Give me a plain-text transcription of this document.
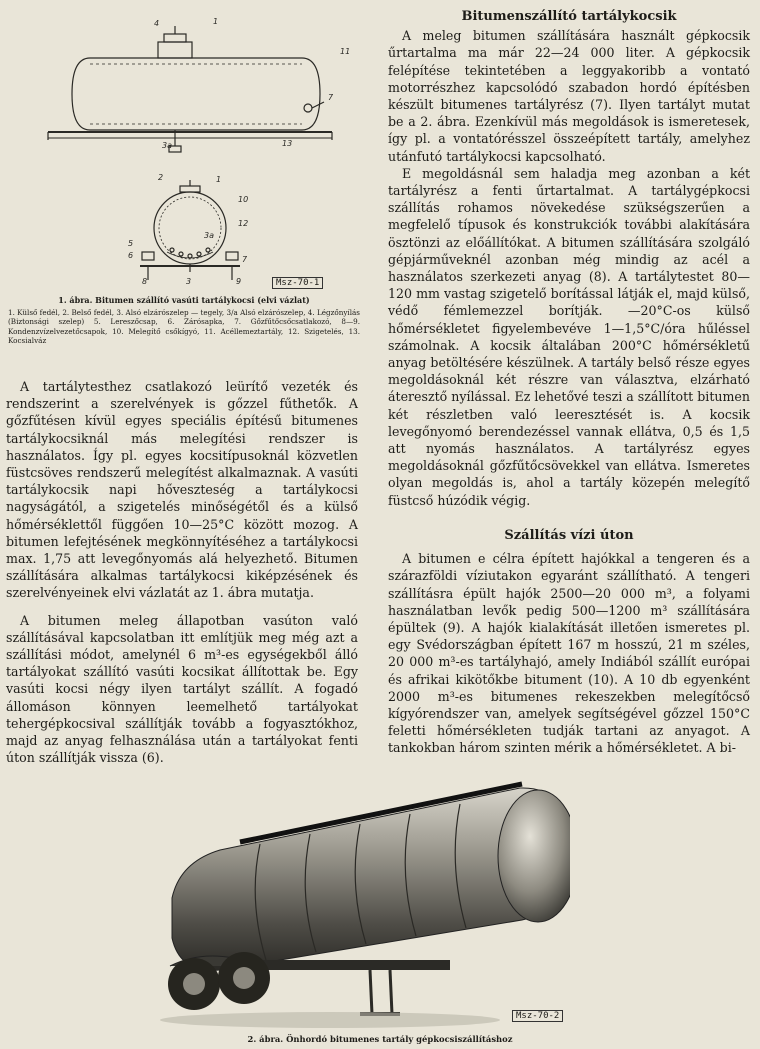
4	1
11
7
3a	13
2	1
10
12
3a
5
6
8	3	9
7
Msz-70-1
1. ábra. Bitumen szállító vasúti tartálykocsi (elvi vázlat)
1. Külső fedél, 2. Belső fedél, 3. Alsó elzárószelep — tegely, 3/a Alsó elzárószelep, 4. Légzőnyílás (Biztonsági szelep) 5. Lereszőcsap, 6. Zárósapka, 7. Gőzfűtőcsőcsatlakozó, 8—9. Kondenzvízelvezetőcsapok, 10. Melegítő csőkígyó, 11. Acéllemeztartály, 12. Szigetelés, 13. Kocsialváz

A tartálytesthez csatlakozó leürítő vezeték és rendszerint a szerelvények is gőzzel fűthetők. A gőzfűtésen kívül egyes speciális építésű bitumenes tartálykocsiknál más melegítési rendszer is használatos. Így pl. egyes kocsitípusoknál közvetlen füstcsöves rendszerű melegítést alkalmaznak. A vasúti tartálykocsik napi hőveszteség a tartálykocsi nagyságától, a szigetelés minőségétől és a külső hőmérséklettől függően 10—25°C között mozog. A bitumen lefejtésének megkönnyítéséhez a tartálykocsi max. 1,75 att levegőnyomás alá helyezhető. Bitumen szállítására alkalmas tartálykocsi kiképzésének és szerelvényeinek elvi vázlatát az 1. ábra mutatja.

A bitumen meleg állapotban vasúton való szállításával kapcsolatban itt említjük meg még azt a szállítási módot, amelynél 6 m³-es egységekből álló tartályokat szállító vasúti kocsikat állítottak be. Egy vasúti kocsi négy ilyen tartályt szállít. A fogadó állomáson könnyen leemelhető tartályokat tehergépkocsival szállítják tovább a fogyasztókhoz, majd az anyag felhasználása után a tartályokat fenti úton szállítják vissza (6).

Bitumenszállító tartálykocsik

A meleg bitumen szállítására használt gépkocsik űrtartalma ma már 22—24 000 liter. A gépkocsik felépítése tekintetében a leggyakoribb a vontató motorrészhez kapcsolódó szabadon hordó építésben készült bitumenes tartályrész (7). Ilyen tartályt mutat be a 2. ábra. Ezenkívül más megoldások is ismeretesek, így pl. a vontatórésszel összeépített tartály, amelyhez utánfutó tartálykocsi kapcsolható.

E megoldásnál sem haladja meg azonban a két tartályrész a fenti űrtartalmat. A tartálygépkocsi szállítás rohamos növekedése szükségszerűen a megfelelő típusok és konstrukciók további alakítására ösztönzi az előállítókat. A bitumen szállítására szolgáló gépjárműveknél azonban még mindig az acél a használatos szerkezeti anyag (8). A tartálytestet 80—120 mm vastag szigetelő borítással látják el, majd külső, védő fémlemezzel borítják. —20°C-os külső hőmérsékletet figyelembevéve 1—1,5°C/óra hűléssel számolnak. A kocsik általában 200°C hőmérsékletű anyag betöltésére készülnek. A tartály belső része egyes megoldásoknál két részre van választva, elzárható áteresztő nyílással. Ez lehetővé teszi a szállított bitumen két részletben való leeresztését is. A kocsik levegőnyomó berendezéssel vannak ellátva, 0,5 és 1,5 att nyomás használatos. A tartályrész egyes megoldásoknál gőzfűtőcsövekkel van ellátva. Ismeretes olyan megoldás is, ahol a tartály közepén melegítő füstcső húzódik végig.

Szállítás vízi úton

A bitumen e célra épített hajókkal a tengeren és a szárazföldi víziutakon egyaránt szállítható. A tengeri szállításra épült hajók 2500—20 000 m³, a folyami használatban levők pedig 500—1200 m³ szállítására épültek (9). A hajók kialakítását illetően ismeretes pl. egy Svédországban épített 167 m hosszú, 21 m széles, 20 000 m³-es tartályhajó, amely Indiából szállít európai és afrikai kikötőkbe bitument (10). A 10 db egyenként 2000 m³-es bitumenes rekeszekben melegítőcső kígyórendszer van, amelyek segítségével gőzzel 150°C feletti hőmérsékleten tudják tartani az anyagot. A tankokban három szinten mérik a hőmérsékletet. A bi-

Msz-70-2
2. ábra. Önhordó bitumenes tartály gépkocsiszállításhoz
